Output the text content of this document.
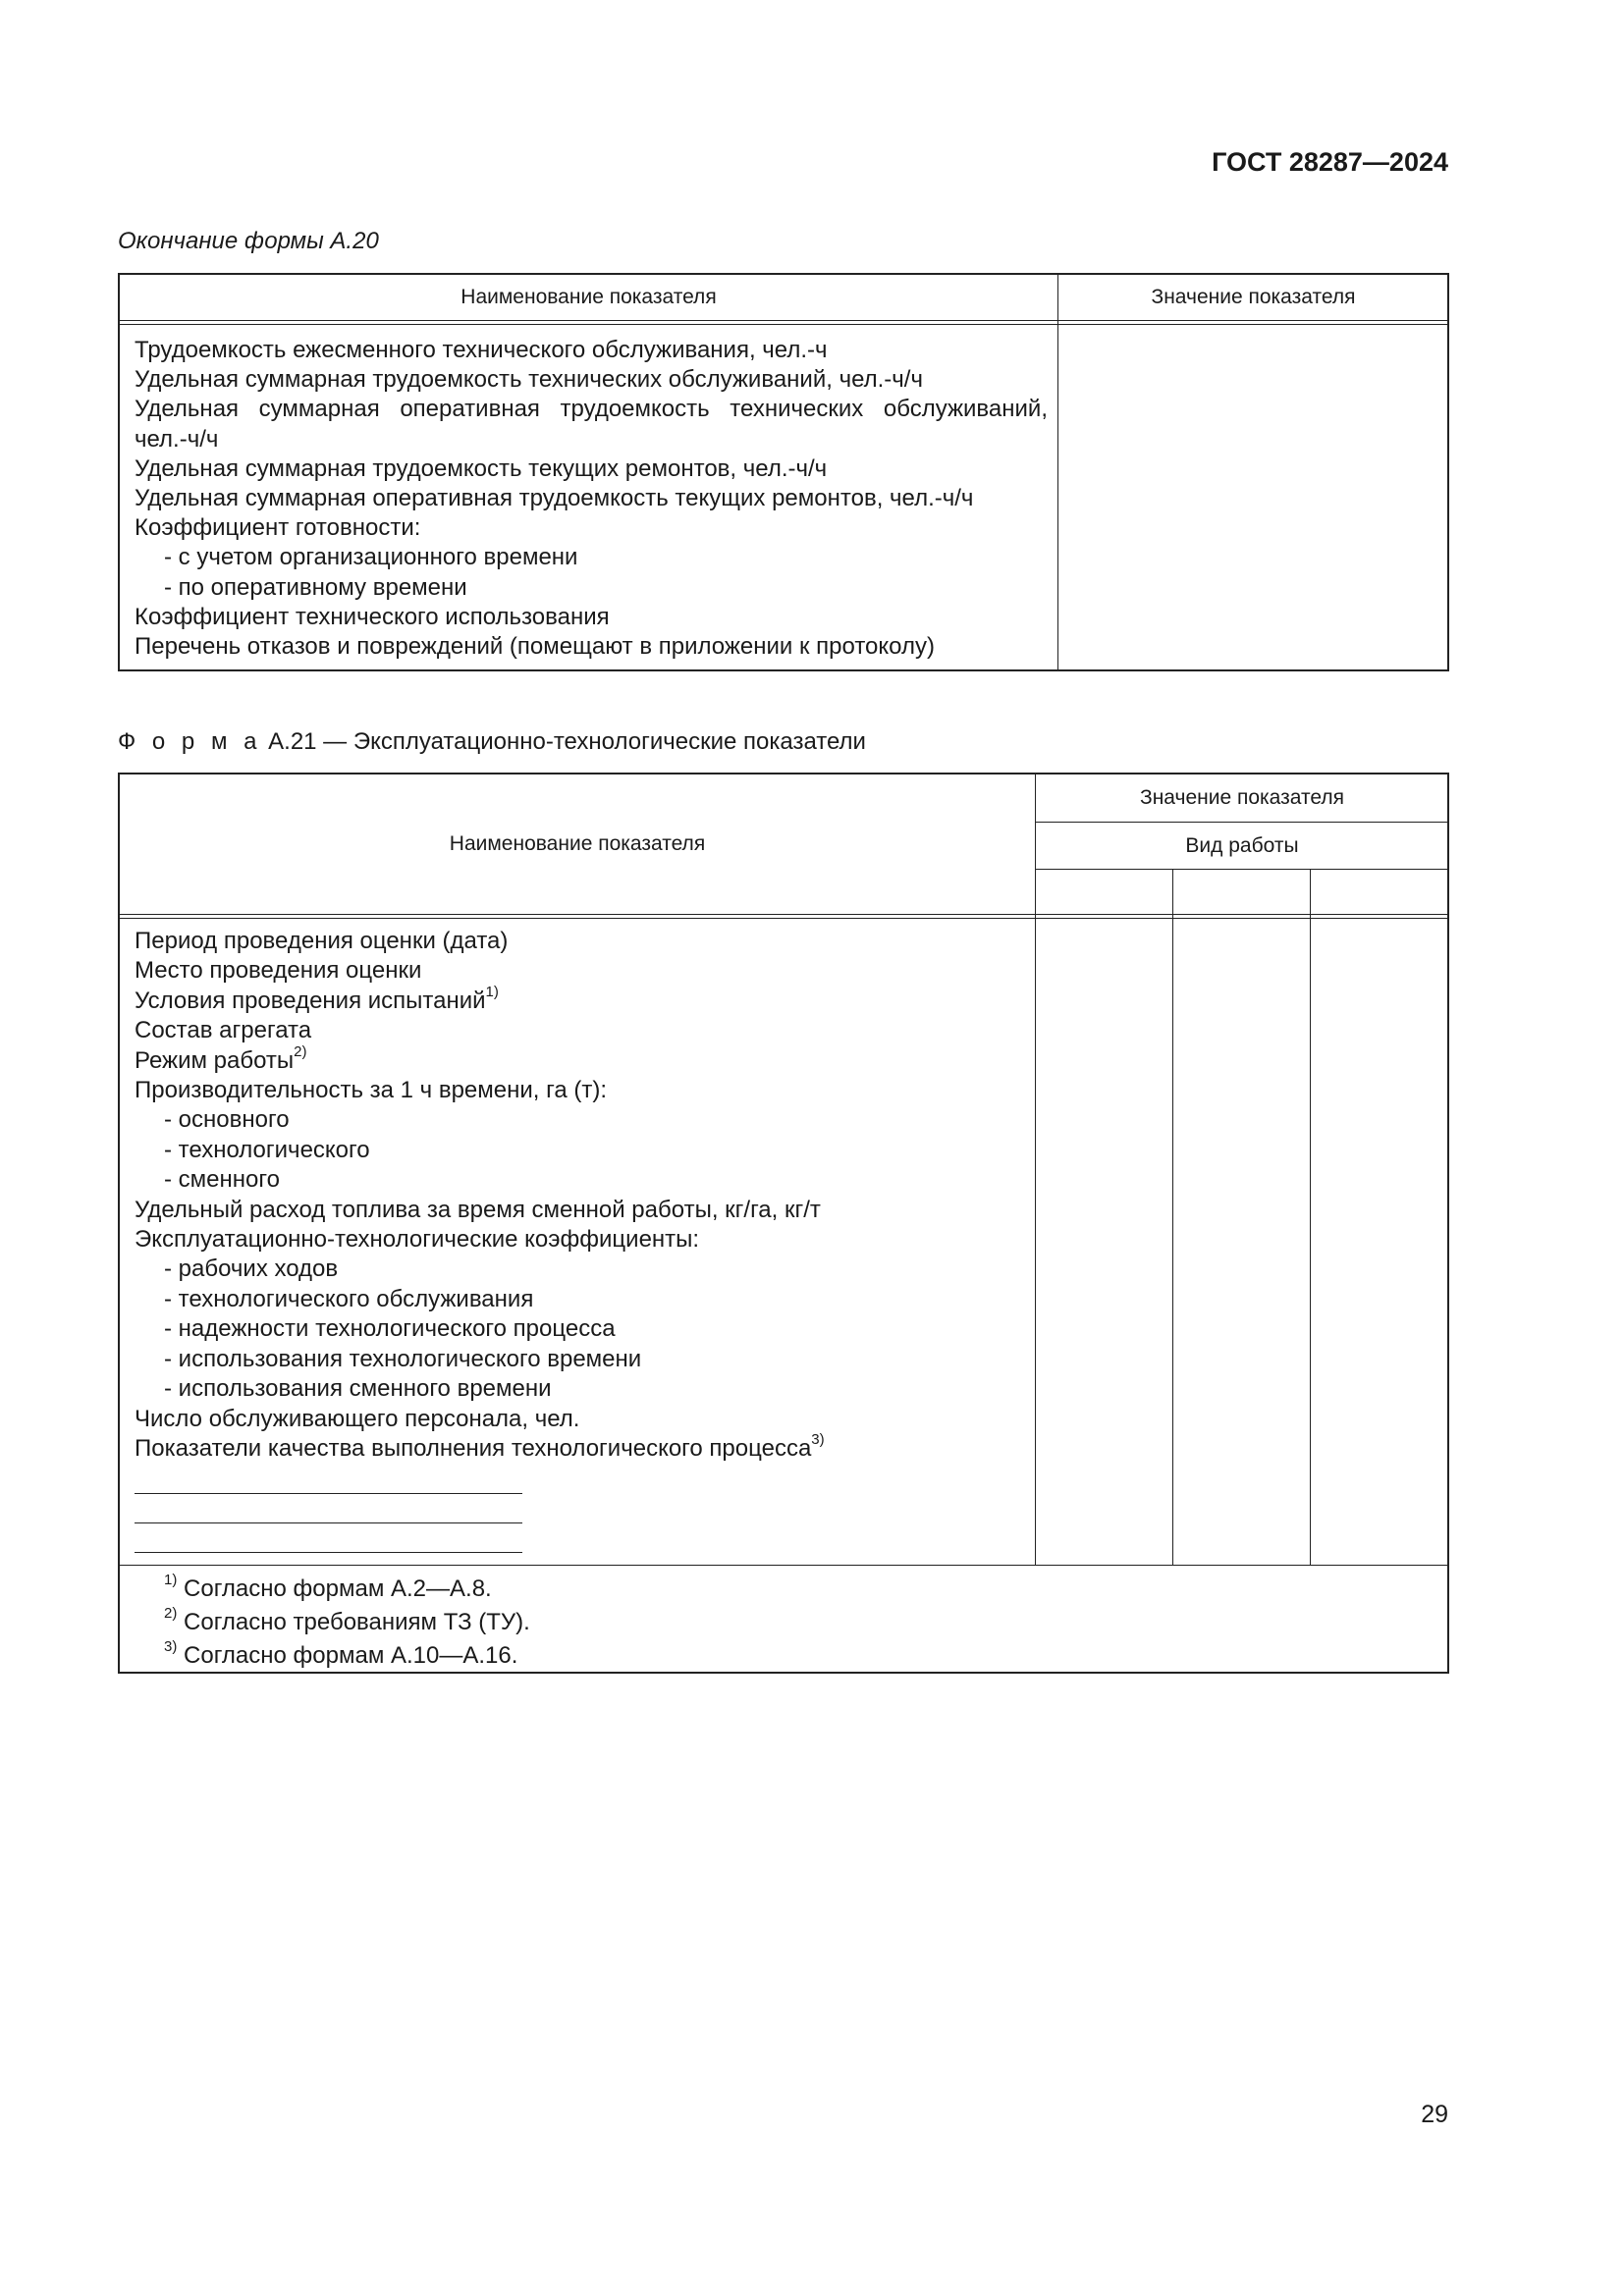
ГОСТ 28287—2024
Окончание формы А.20
Наименование показателя	Значение показателя
Трудоемкость ежесменного технического обслуживания, чел.-ч
Удельная суммарная трудоемкость технических обслуживаний, чел.-ч/ч
Удельная суммарная оперативная трудоемкость технических обслуживаний,
чел.-ч/ч
Удельная суммарная трудоемкость текущих ремонтов, чел.-ч/ч
Удельная суммарная оперативная трудоемкость текущих ремонтов, чел.-ч/ч
Коэффициент готовности:
- с учетом организационного времени
- по оперативному времени
Коэффициент технического использования
Перечень отказов и повреждений (помещают в приложении к протоколу)
Ф о р м а А.21 — Эксплуатационно-технологические показатели
Наименование показателя
Значение показателя
Вид работы
Период проведения оценки (дата)
Место проведения оценки
Условия проведения испытаний$^{1)}$
Состав агрегата
Режим работы$^{2)}$
Производительность за 1 ч времени, га (т):
- основного
- технологического
- сменного
Удельный расход топлива за время сменной работы, кг/га, кг/т
Эксплуатационно-технологические коэффициенты:
- рабочих ходов
- технологического обслуживания
- надежности технологического процесса
- использования технологического времени
- использования сменного времени
Число обслуживающего персонала, чел.
Показатели качества выполнения технологического процесса$^{3)}$
$^{1)}$ Согласно формам А.2—А.8.
$^{2)}$ Согласно требованиям ТЗ (ТУ).
$^{3)}$ Согласно формам А.10—А.16.
29
